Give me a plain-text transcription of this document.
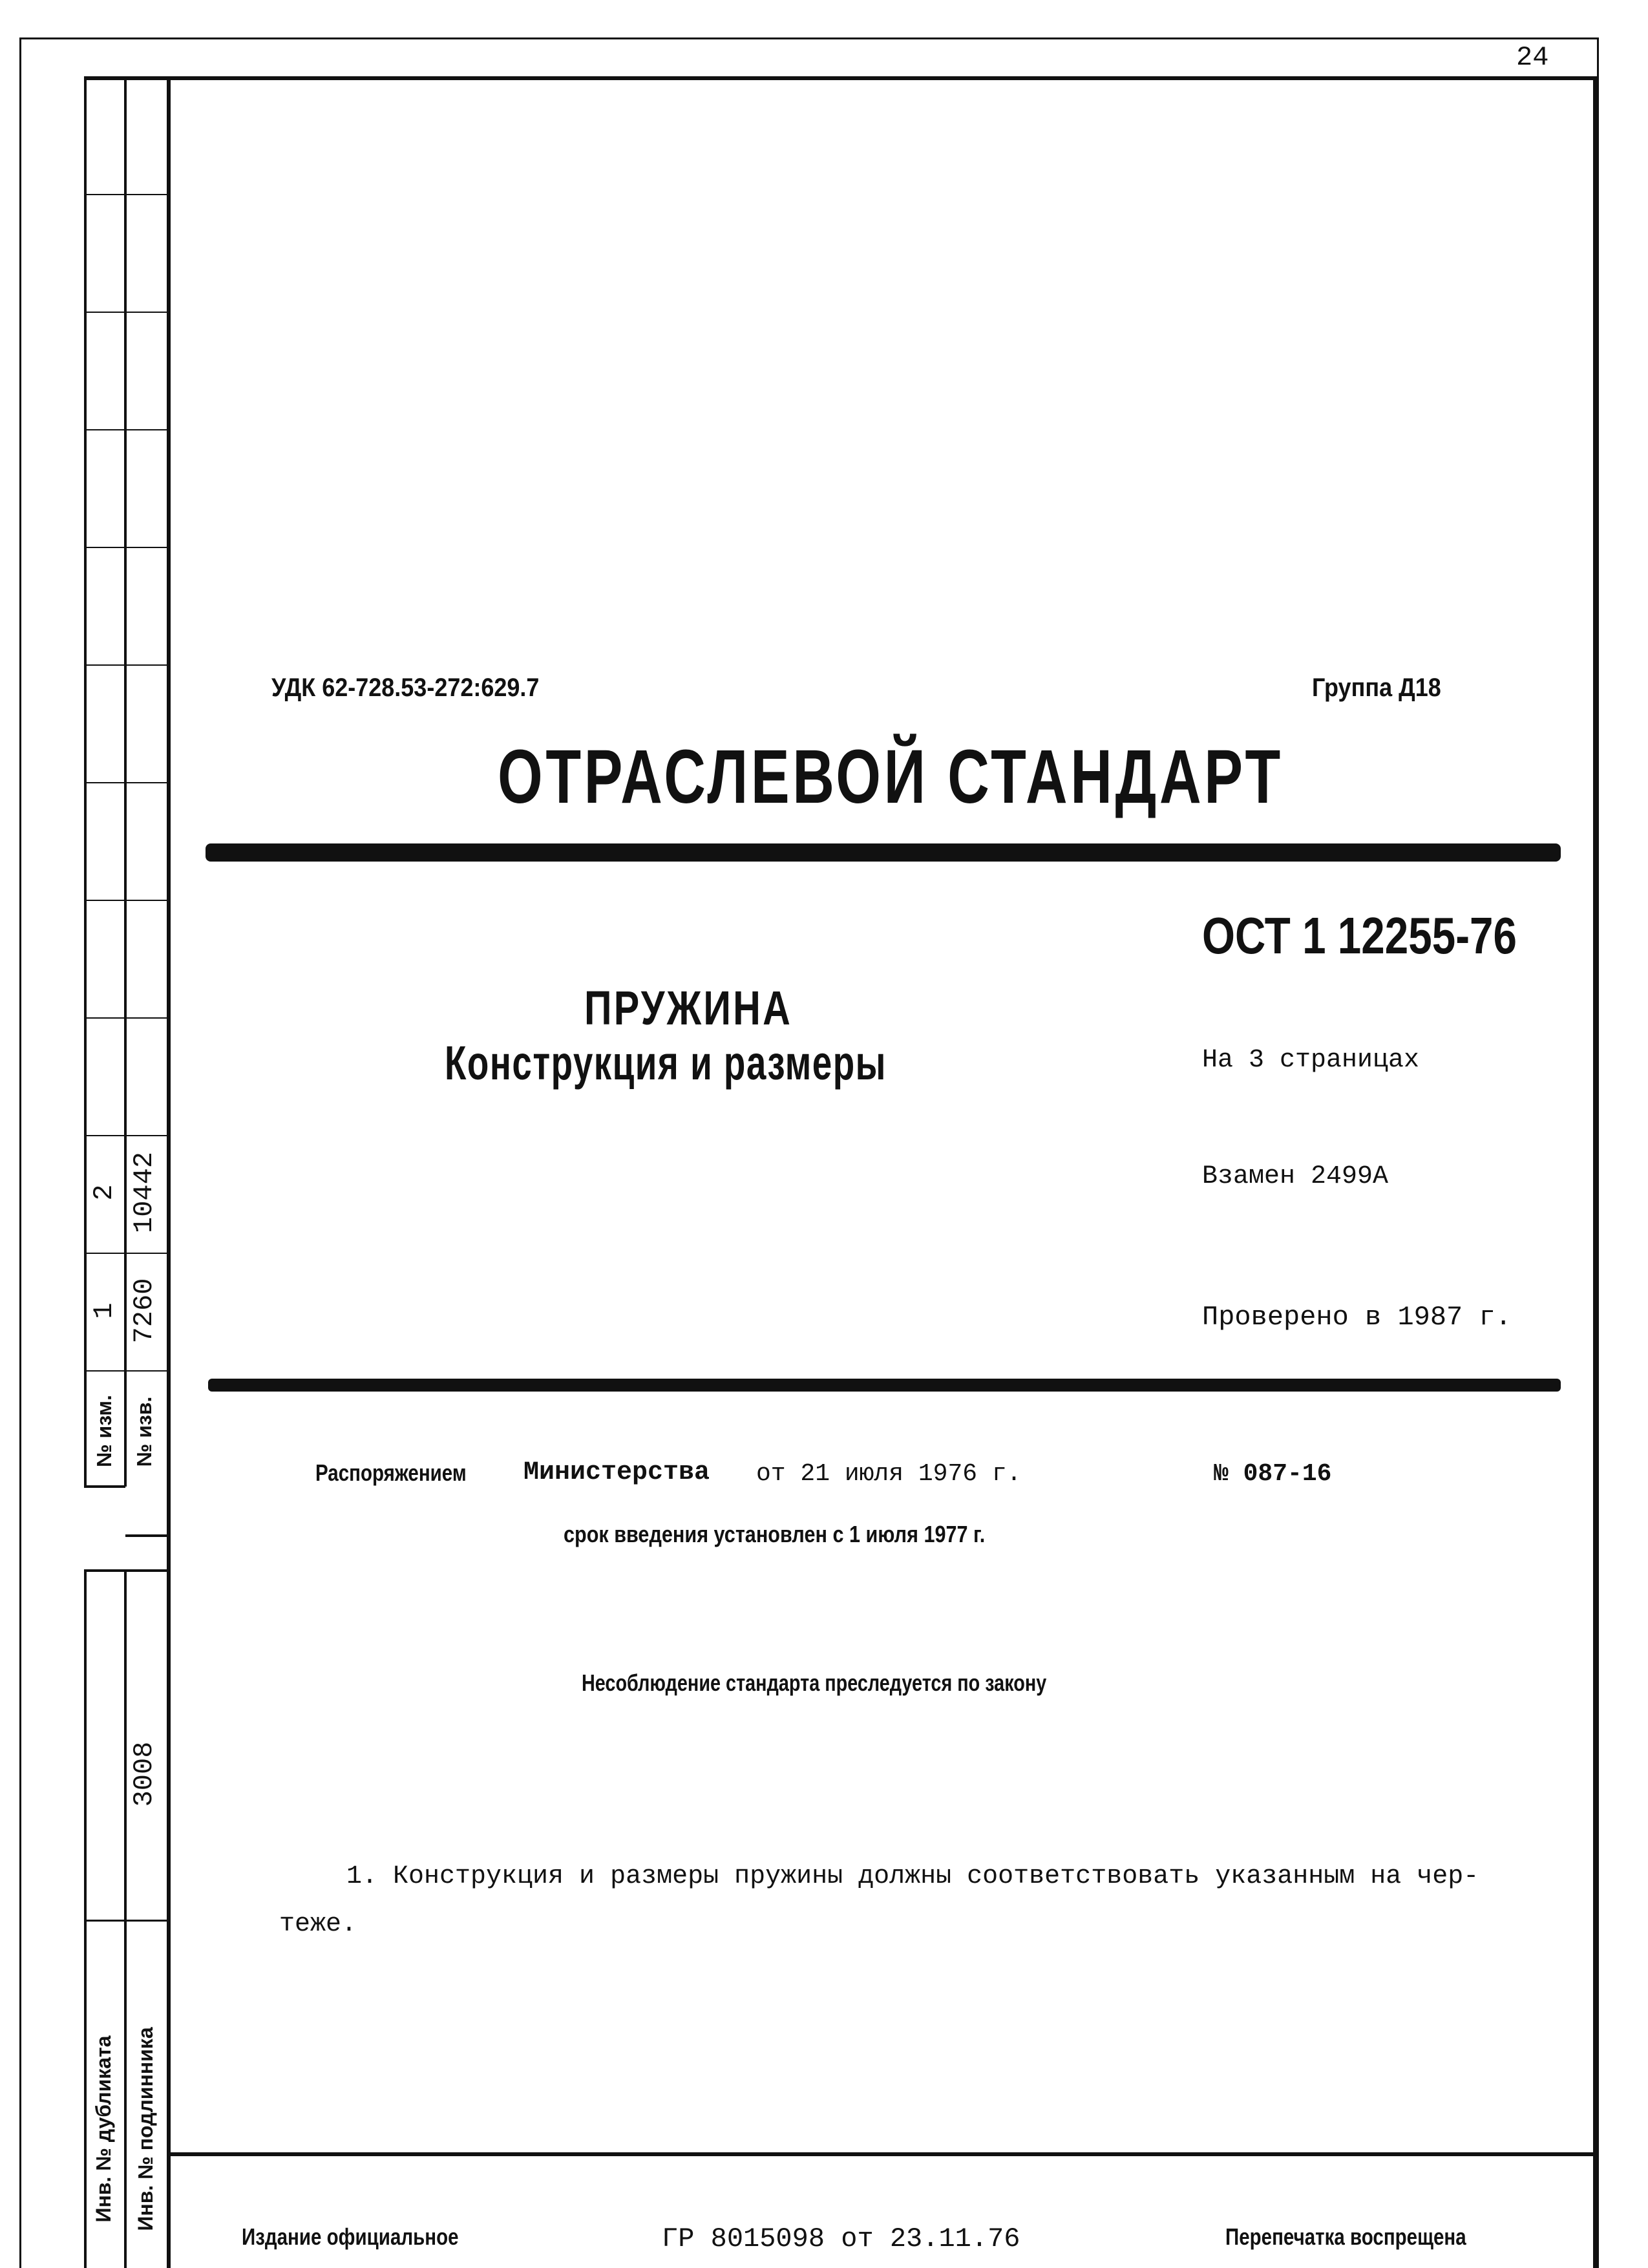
24
2 10442
1 7260
№ изм. № изв.
3008
Инв. № дубликата Инв. № подлинника
УДК 62-728.53-272:629.7	Группа Д18
ОТРАСЛЕВОЙ СТАНДАРТ
ОСТ 1 12255-76
ПРУЖИНА
Конструкция и размеры	На 3 страницах
Взамен 2499А
Проверено в 1987 г.
Распоряжением	Министерства от 21 июля 1976 г.	№ 087-16
срок введения установлен с 1 июля 1977 г.
Несоблюдение стандарта преследуется по закону
1. Конструкция и размеры пружины должны соответствовать указанным на чер-
теже.
Издание официальное	ГР 8015098 от 23.11.76	Перепечатка воспрещена
